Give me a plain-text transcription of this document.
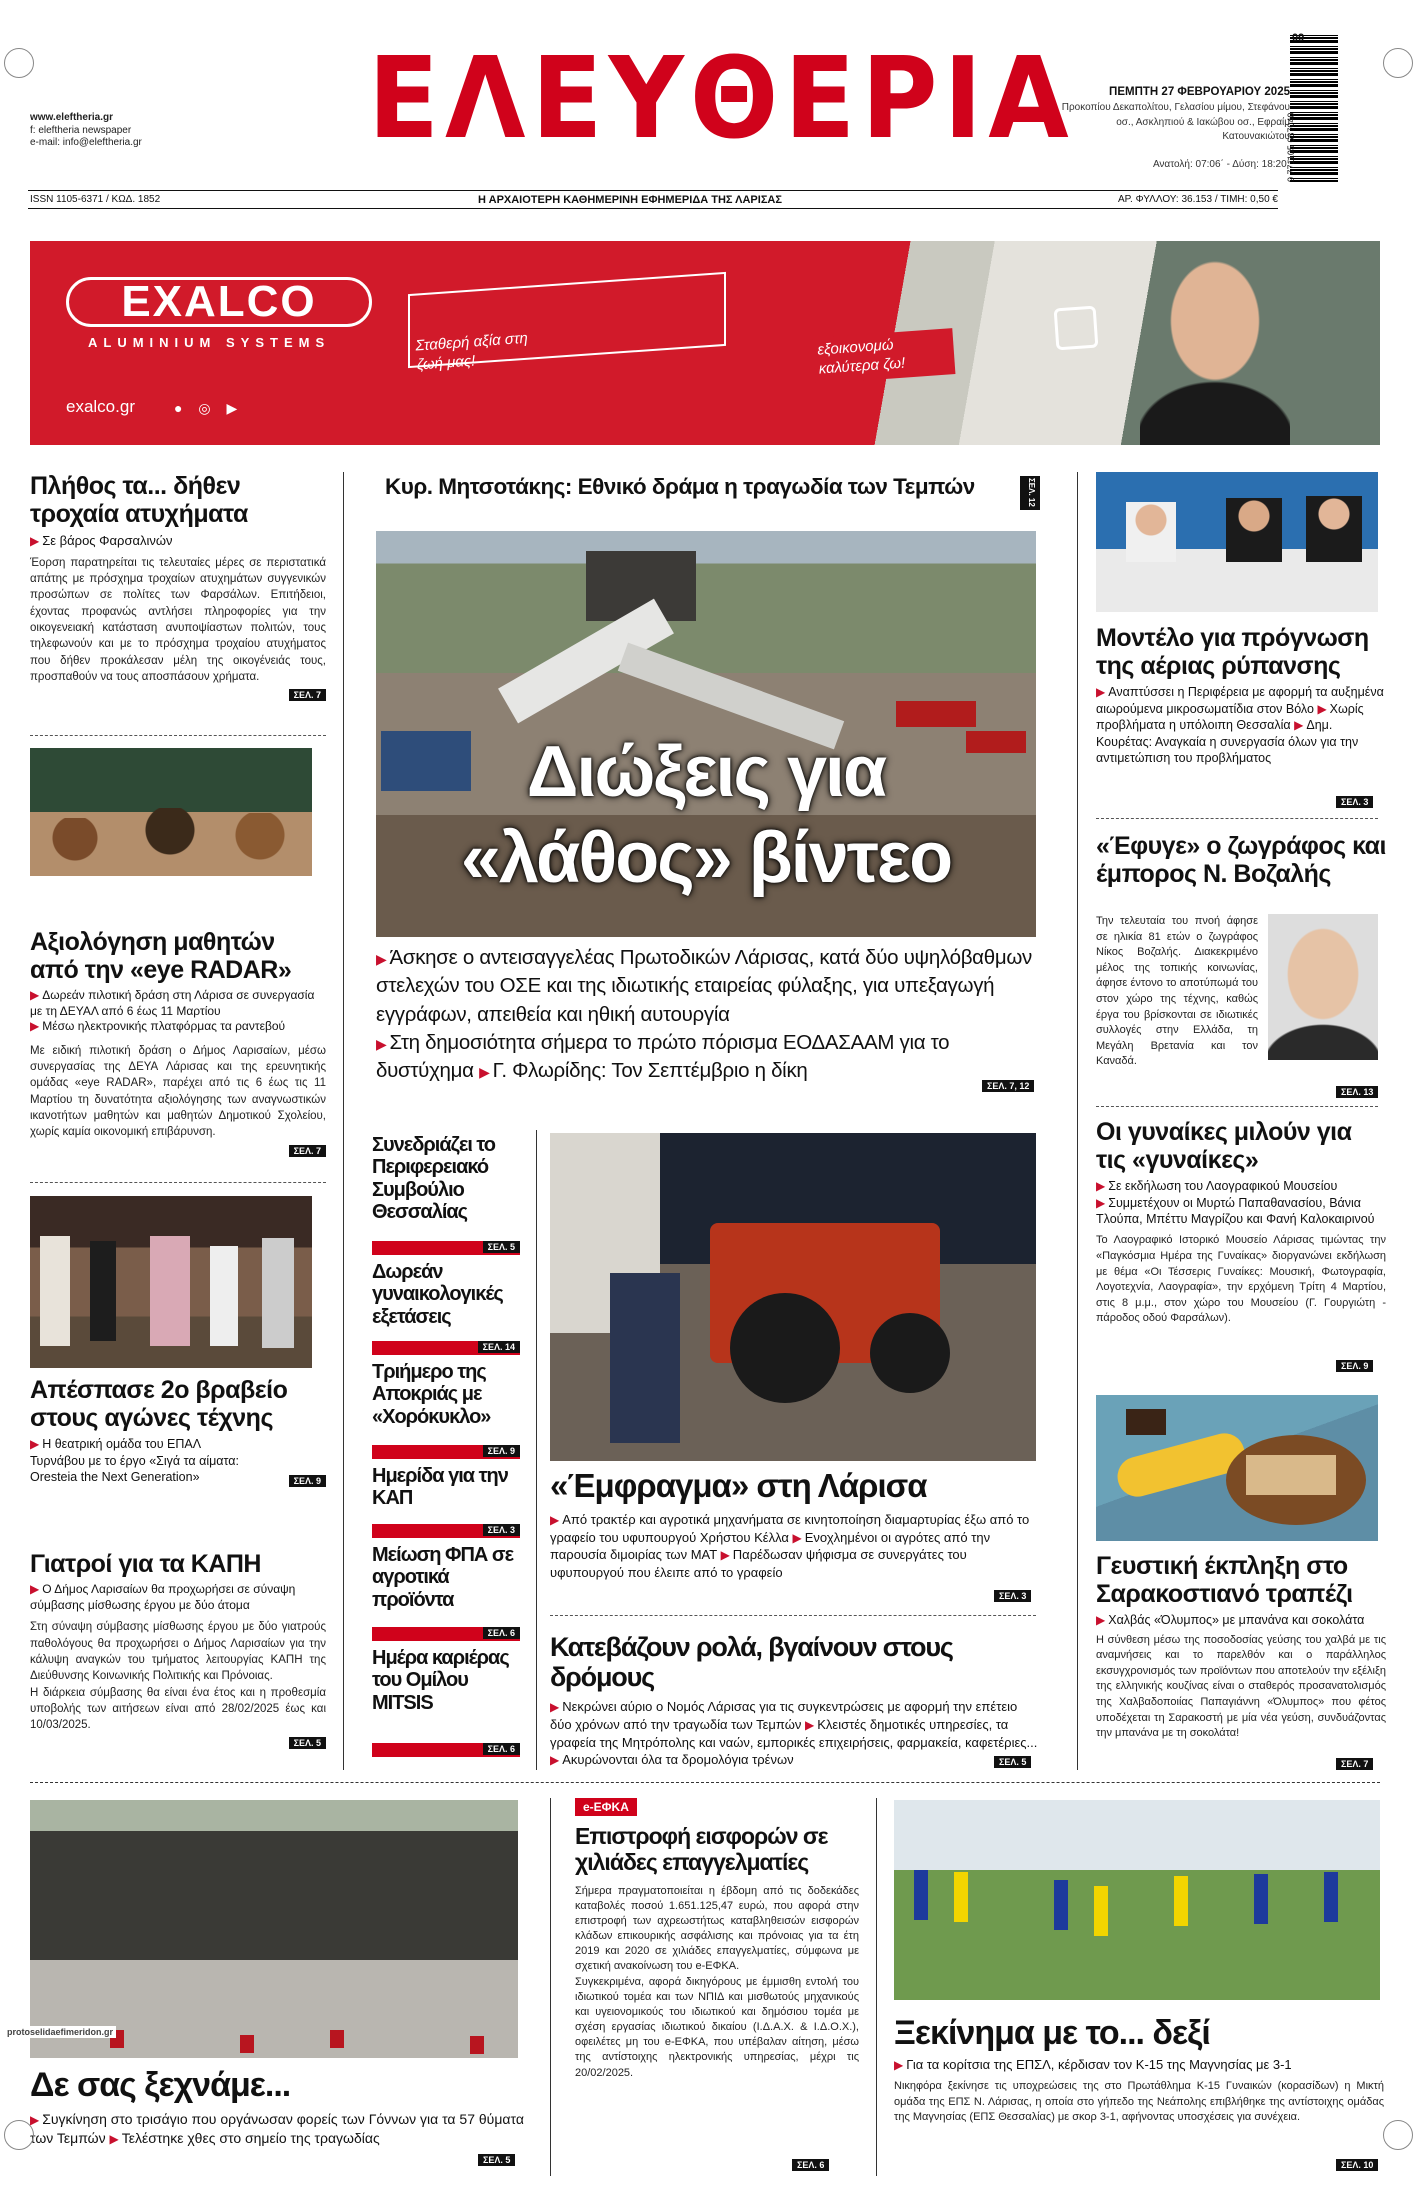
www.eleftheria.gr
f: eleftheria newspaper
e-mail: info@eleftheria.gr ΕΛΕΥΘΕΡΙΑ	ΠΕΜΠΤΗ 27 ΦΕΒΡΟΥΑΡΙΟΥ 2025
Προκοπίου Δεκαπολίτου, Γελασίου μίμου, Στεφάνου οσ., Ασκληπιού & Ιακώβου οσ., Εφραίμ Κατουνακιώτου
Ανατολή: 07:06΄ - Δύση: 18:20΄
9 771105 637040
09
ISSN 1105-6371 / ΚΩΔ. 1852	Η ΑΡΧΑΙΟΤΕΡΗ ΚΑΘΗΜΕΡΙΝΗ ΕΦΗΜΕΡΙΔΑ ΤΗΣ ΛΑΡΙΣΑΣ	ΑΡ. ΦΥΛΛΟΥ: 36.153 / ΤΙΜΗ: 0,50 €
EXALCO
ALUMINIUM SYSTEMS
exalco.gr	● ◎ ▶
Σταθερή αξία στη ζωή μας!
εξοικονομώ καλύτερα ζω!
Πλήθος τα... δήθεν τροχαία ατυχήματα
▶ Σε βάρος Φαρσαλινών
Έορση παρατηρείται τις τελευταίες μέρες σε περιστατικά απάτης με πρόσχημα τροχαίων ατυχημάτων συγγενικών προσώπων σε πολίτες των Φαρσάλων. Επιτήδειοι, έχοντας προφανώς αντλήσει πληροφορίες για την οικογενειακή κατάσταση ανυποψίαστων πολιτών, τους τηλεφωνούν και με το πρόσχημα τροχαίου ατυχήματος που δήθεν προκάλεσαν μέλη της οικογένειάς τους, προσπαθούν να τους αποσπάσουν χρήματα.
ΣΕΛ. 7
Αξιολόγηση μαθητών από την «eye RADAR»
▶ Δωρεάν πιλοτική δράση στη Λάρισα σε συνεργασία με τη ΔΕΥΑΛ από 6 έως 11 Μαρτίου
▶ Μέσω ηλεκτρονικής πλατφόρμας τα ραντεβού
Με ειδική πιλοτική δράση ο Δήμος Λαρισαίων, μέσω συνεργασίας της ΔΕΥΑ Λάρισας και της ερευνητικής ομάδας «eye RADAR», παρέχει από τις 6 έως τις 11 Μαρτίου τη δυνατότητα αξιολόγησης των αναγνωστικών ικανοτήτων μαθητών και μαθητών Δημοτικού Σχολείου, χωρίς καμία οικονομική επιβάρυνση.
ΣΕΛ. 7
Απέσπασε 2ο βραβείο στους αγώνες τέχνης
▶ Η θεατρική ομάδα του ΕΠΑΛ Τυρνάβου με το έργο «Σιγά τα αίματα: Oresteia the Next Generation»	ΣΕΛ. 9
Γιατροί για τα ΚΑΠΗ
▶ Ο Δήμος Λαρισαίων θα προχωρήσει σε σύναψη σύμβασης μίσθωσης έργου με δύο άτομα
Στη σύναψη σύμβασης μίσθωσης έργου με δύο γιατρούς παθολόγους θα προχωρήσει ο Δήμος Λαρισαίων για την κάλυψη αναγκών του τμήματος λειτουργίας ΚΑΠΗ της Διεύθυνσης Κοινωνικής Πολιτικής και Πρόνοιας.
Η διάρκεια σύμβασης θα είναι ένα έτος και η προθεσμία υποβολής των αιτήσεων είναι από 28/02/2025 έως και 10/03/2025.
ΣΕΛ. 5
Κυρ. Μητσοτάκης: Εθνικό δράμα η τραγωδία των Τεμπών	ΣΕΛ. 12
Διώξεις για
«λάθος» βίντεο
▶ Άσκησε ο αντεισαγγελέας Πρωτοδικών Λάρισας, κατά δύο υψηλόβαθμων στελεχών του ΟΣΕ και της ιδιωτικής εταιρείας φύλαξης, για υπεξαγωγή εγγράφων, απειθεία και ηθική αυτουργία
▶ Στη δημοσιότητα σήμερα το πρώτο πόρισμα ΕΟΔΑΣΑΑΜ για το δυστύχημα ▶ Γ. Φλωρίδης: Τον Σεπτέμβριο η δίκη
ΣΕΛ. 7, 12
Συνεδριάζει το Περιφερειακό Συμβούλιο Θεσσαλίας
ΣΕΛ. 5
Δωρεάν γυναικολογικές εξετάσεις
ΣΕΛ. 14
Τριήμερο της Αποκριάς με «Χορόκυκλο»
ΣΕΛ. 9
Ημερίδα για την ΚΑΠ
ΣΕΛ. 3
Μείωση ΦΠΑ σε αγροτικά προϊόντα
ΣΕΛ. 6
Ημέρα καριέρας του Ομίλου MITSIS
ΣΕΛ. 6
«Έμφραγμα» στη Λάρισα
▶ Από τρακτέρ και αγροτικά μηχανήματα σε κινητοποίηση διαμαρτυρίας έξω από το γραφείο του υφυπουργού Χρήστου Κέλλα ▶ Ενοχλημένοι οι αγρότες από την παρουσία διμοιρίας των ΜΑΤ ▶ Παρέδωσαν ψήφισμα σε συνεργάτες του υφυπουργού που έλειπε από το γραφείο
ΣΕΛ. 3
Κατεβάζουν ρολά, βγαίνουν στους δρόμους
▶ Νεκρώνει αύριο ο Νομός Λάρισας για τις συγκεντρώσεις με αφορμή την επέτειο δύο χρόνων από την τραγωδία των Τεμπών ▶ Κλειστές δημοτικές υπηρεσίες, τα γραφεία της Μητρόπολης και ναών, εμπορικές επιχειρήσεις, φαρμακεία, καφετέριες... ▶ Ακυρώνονται όλα τα δρομολόγια τρένων	ΣΕΛ. 5
Μοντέλο για πρόγνωση της αέριας ρύπανσης
▶ Αναπτύσσει η Περιφέρεια με αφορμή τα αυξημένα αιωρούμενα μικροσωματίδια στον Βόλο ▶ Χωρίς προβλήματα η υπόλοιπη Θεσσαλία ▶ Δημ. Κουρέτας: Αναγκαία η συνεργασία όλων για την αντιμετώπιση του προβλήματος
ΣΕΛ. 3
«Έφυγε» ο ζωγράφος και έμπορος Ν. Βοζαλής
Την τελευταία του πνοή άφησε σε ηλικία 81 ετών ο ζωγράφος Νίκος Βοζαλής. Διακεκριμένο μέλος της τοπικής κοινωνίας, άφησε έντονο το αποτύπωμά του στον χώρο της τέχνης, καθώς έργα του βρίσκονται σε ιδιωτικές συλλογές στην Ελλάδα, τη Μεγάλη Βρετανία και τον Καναδά.
ΣΕΛ. 13
Οι γυναίκες μιλούν για τις «γυναίκες»
▶ Σε εκδήλωση του Λαογραφικού Μουσείου
▶ Συμμετέχουν οι Μυρτώ Παπαθανασίου, Βάνια Τλούπα, Μπέττυ Μαγρίζου και Φανή Καλοκαιρινού
Το Λαογραφικό Ιστορικό Μουσείο Λάρισας τιμώντας την «Παγκόσμια Ημέρα της Γυναίκας» διοργανώνει εκδήλωση με θέμα «Οι Τέσσερις Γυναίκες: Μουσική, Φωτογραφία, Λογοτεχνία, Λαογραφία», την ερχόμενη Τρίτη 4 Μαρτίου, στις 8 μ.μ., στον χώρο του Μουσείου (Γ. Γουργιώτη - πάροδος οδού Φαρσάλων).
ΣΕΛ. 9
Γευστική έκπληξη στο Σαρακοστιανό τραπέζι
▶ Χαλβάς «Όλυμπος» με μπανάνα και σοκολάτα
Η σύνθεση μέσω της ποσοδοσίας γεύσης του χαλβά με τις αναμνήσεις και το παρελθόν και ο παράλληλος εκσυγχρονισμός των προϊόντων που αποτελούν την εξέλιξη της ελληνικής κουζίνας είναι ο σταθερός προσανατολισμός της Χαλβαδοποιίας Παπαγιάννη «Όλυμπος» που φέτος υποδέχεται τη Σαρακοστή με μία νέα γεύση, συνδυάζοντας την μπανάνα με τη σοκολάτα!
ΣΕΛ. 7
protoselidaefimeridon.gr
Δε σας ξεχνάμε...
▶ Συγκίνηση στο τρισάγιο που οργάνωσαν φορείς των Γόννων για τα 57 θύματα των Τεμπών ▶ Τελέστηκε χθες στο σημείο της τραγωδίας
ΣΕΛ. 5
e-ΕΦΚΑ
Επιστροφή εισφορών σε χιλιάδες επαγγελματίες
Σήμερα πραγματοποιείται η έβδομη από τις δοδεκάδες καταβολές ποσού 1.651.125,47 ευρώ, που αφορά στην επιστροφή των αχρεωστήτως καταβληθεισών εισφορών κλάδων επικουρικής ασφάλισης και πρόνοιας για τα έτη 2019 και 2020 σε χιλιάδες επαγγελματίες, σύμφωνα με σχετική ανακοίνωση του e-ΕΦΚΑ.
Συγκεκριμένα, αφορά δικηγόρους με έμμισθη εντολή του ιδιωτικού τομέα και των ΝΠΙΔ και μισθωτούς μηχανικούς και υγειονομικούς του ιδιωτικού και δημόσιου τομέα με σχέση εργασίας ιδιωτικού δικαίου (Ι.Δ.Α.Χ. & Ι.Δ.Ο.Χ.), οφειλέτες μη του e-ΕΦΚΑ, που υπέβαλαν αίτηση, μέσω της αντίστοιχης ηλεκτρονικής υπηρεσίας, μέχρι τις 20/02/2025.
ΣΕΛ. 6
Ξεκίνημα με το... δεξί
▶ Για τα κορίτσια της ΕΠΣΛ, κέρδισαν τον Κ-15 της Μαγνησίας με 3-1
Νικηφόρα ξεκίνησε τις υποχρεώσεις της στο Πρωτάθλημα Κ-15 Γυναικών (κορασίδων) η Μικτή ομάδα της ΕΠΣ Ν. Λάρισας, η οποία στο γήπεδο της Νεάπολης επιβλήθηκε της αντίστοιχης ομάδας της Μαγνησίας (ΕΠΣ Θεσσαλίας) με σκορ 3-1, αφήνοντας υποσχέσεις για συνέχεια.
ΣΕΛ. 10
